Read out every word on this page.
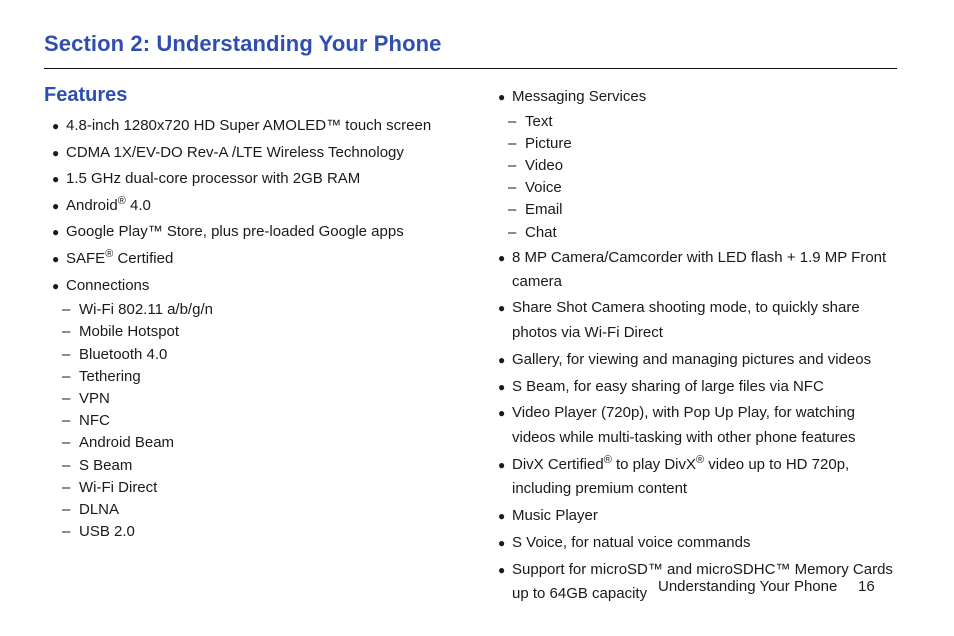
Section 2: Understanding Your Phone
Features
● 4.8-inch 1280x720 HD Super AMOLED™ touch screen
● CDMA 1X/EV-DO Rev-A /LTE Wireless Technology
● 1.5 GHz dual-core processor with 2GB RAM
● Android® 4.0
● Google Play™ Store, plus pre-loaded Google apps
● SAFE® Certified
● Connections
– Wi-Fi 802.11 a/b/g/n
– Mobile Hotspot
– Bluetooth 4.0
– Tethering
– VPN
– NFC
– Android Beam
– S Beam
– Wi-Fi Direct
– DLNA
– USB 2.0
● Messaging Services
– Text
– Picture
– Video
– Voice
– Email
– Chat
● 8 MP Camera/Camcorder with LED flash + 1.9 MP Front camera
● Share Shot Camera shooting mode, to quickly share photos via Wi-Fi Direct
● Gallery, for viewing and managing pictures and videos
● S Beam, for easy sharing of large files via NFC
● Video Player (720p), with Pop Up Play, for watching videos while multi-tasking with other phone features
● DivX Certified® to play DivX® video up to HD 720p, including premium content
● Music Player
● S Voice, for natual voice commands
● Support for microSD™ and microSDHC™ Memory Cards up to 64GB capacity Understanding Your Phone 16
